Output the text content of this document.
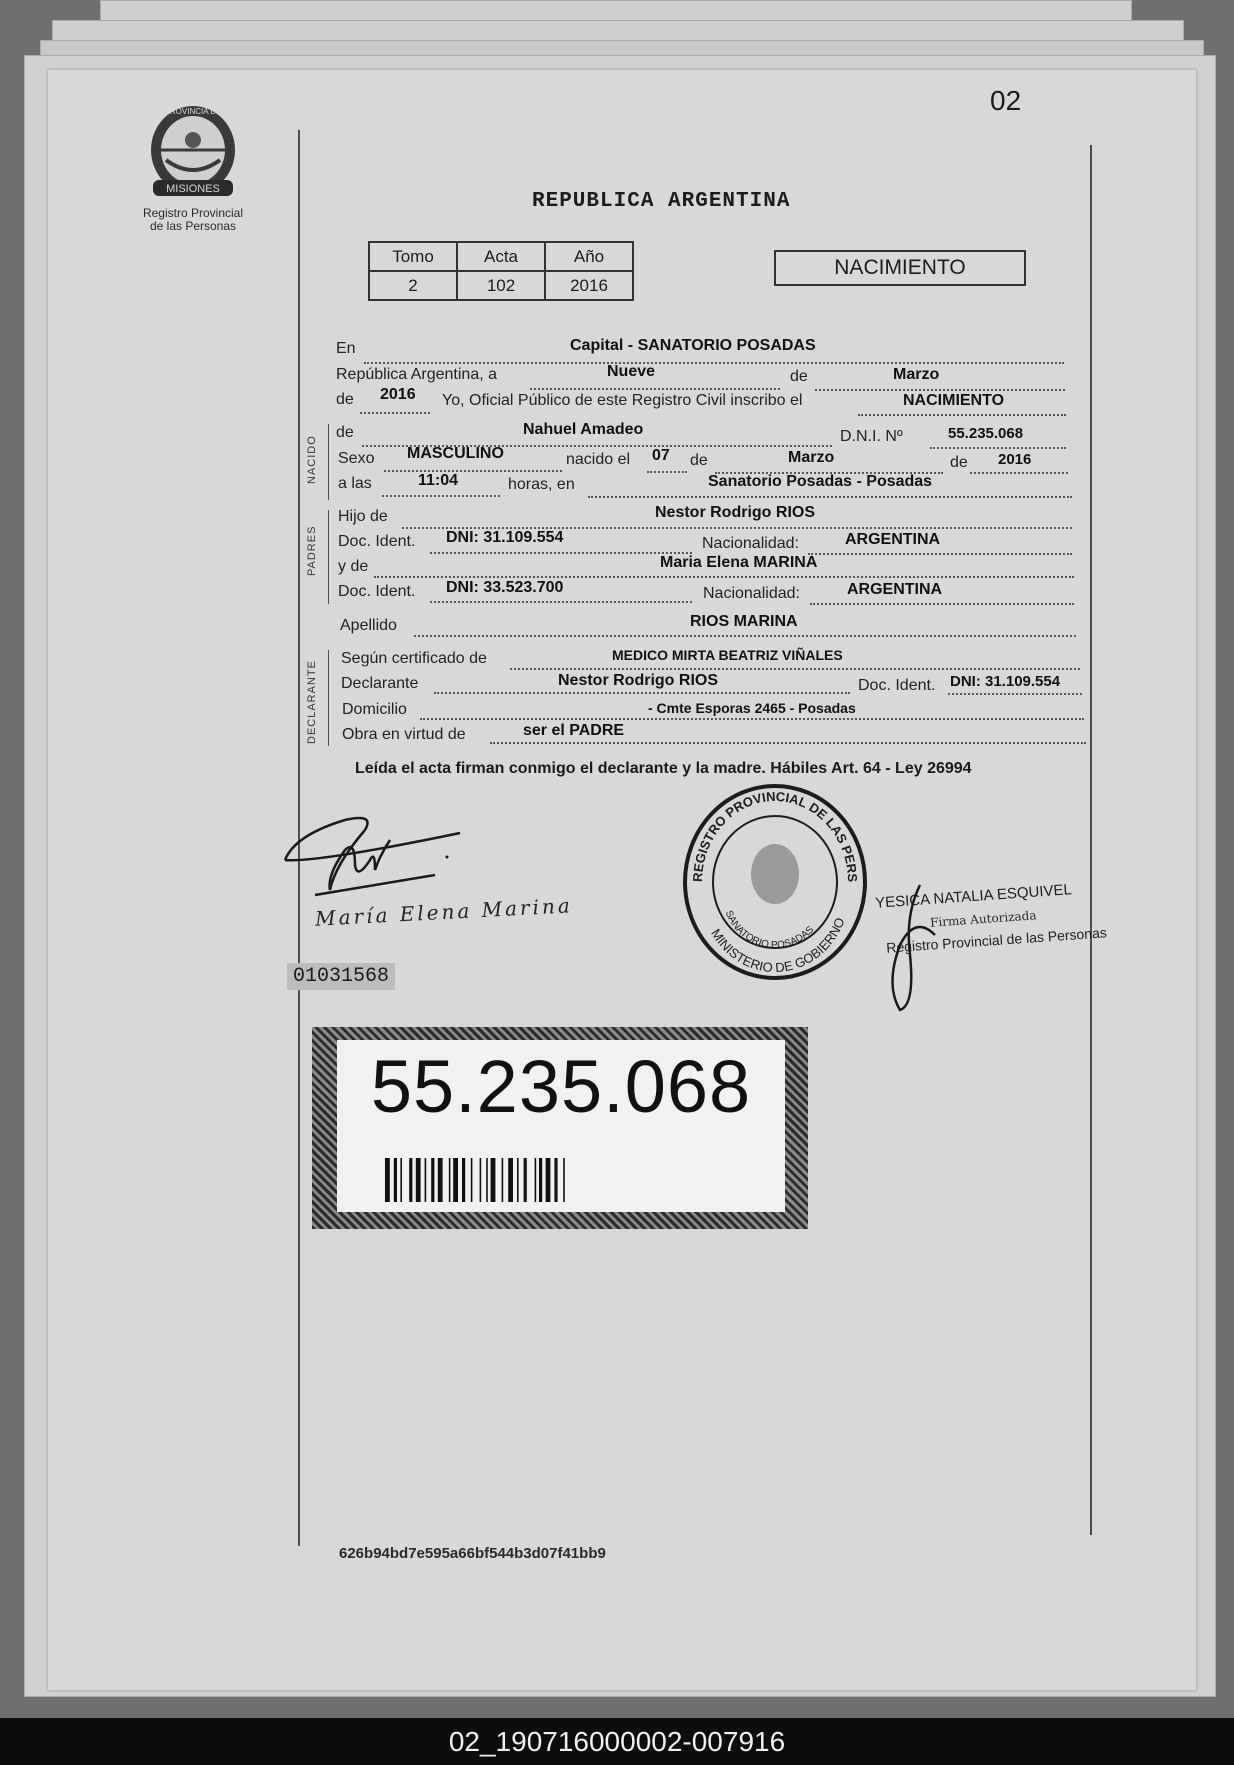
MISIONES
PROVINCIA DE
Registro Provincial
de las Personas
02
REPUBLICA ARGENTINA
Tomo	Acta	Año
2	102	2016
NACIMIENTO
En	Capital - SANATORIO POSADAS
República Argentina, a	Nueve	de	Marzo
de 2016 Yo, Oficial Público de este Registro Civil inscribo el	NACIMIENTO
NACIDO
de	Nahuel Amadeo	D.N.I. Nº	55.235.068
Sexo MASCULINO	nacido el 07 de	Marzo	de 2016
a las	11:04	horas, en	Sanatorio Posadas - Posadas
PADRES
Hijo de	Nestor Rodrigo RIOS
Doc. Ident. DNI: 31.109.554	Nacionalidad:	ARGENTINA
y de	Maria Elena MARINA
Doc. Ident. DNI: 33.523.700	Nacionalidad:	ARGENTINA
Apellido	RIOS MARINA
DECLARANTE
Según certificado de	MEDICO MIRTA BEATRIZ VIÑALES
Declarante	Nestor Rodrigo RIOS	Doc. Ident. DNI: 31.109.554
Domicilio	- Cmte Esporas 2465 - Posadas
Obra en virtud de	ser el PADRE
Leída el acta firman conmigo el declarante y la madre. Hábiles Art. 64 - Ley 26994
María Elena Marina
REGISTRO PROVINCIAL DE LAS PERS
MINISTERIO DE GOBIERNO
SANATORIO POSADAS
YESICA NATALIA ESQUIVEL
Firma Autorizada
Registro Provincial de las Personas
01031568
55.235.068
626b94bd7e595a66bf544b3d07f41bb9
02_190716000002-007916
